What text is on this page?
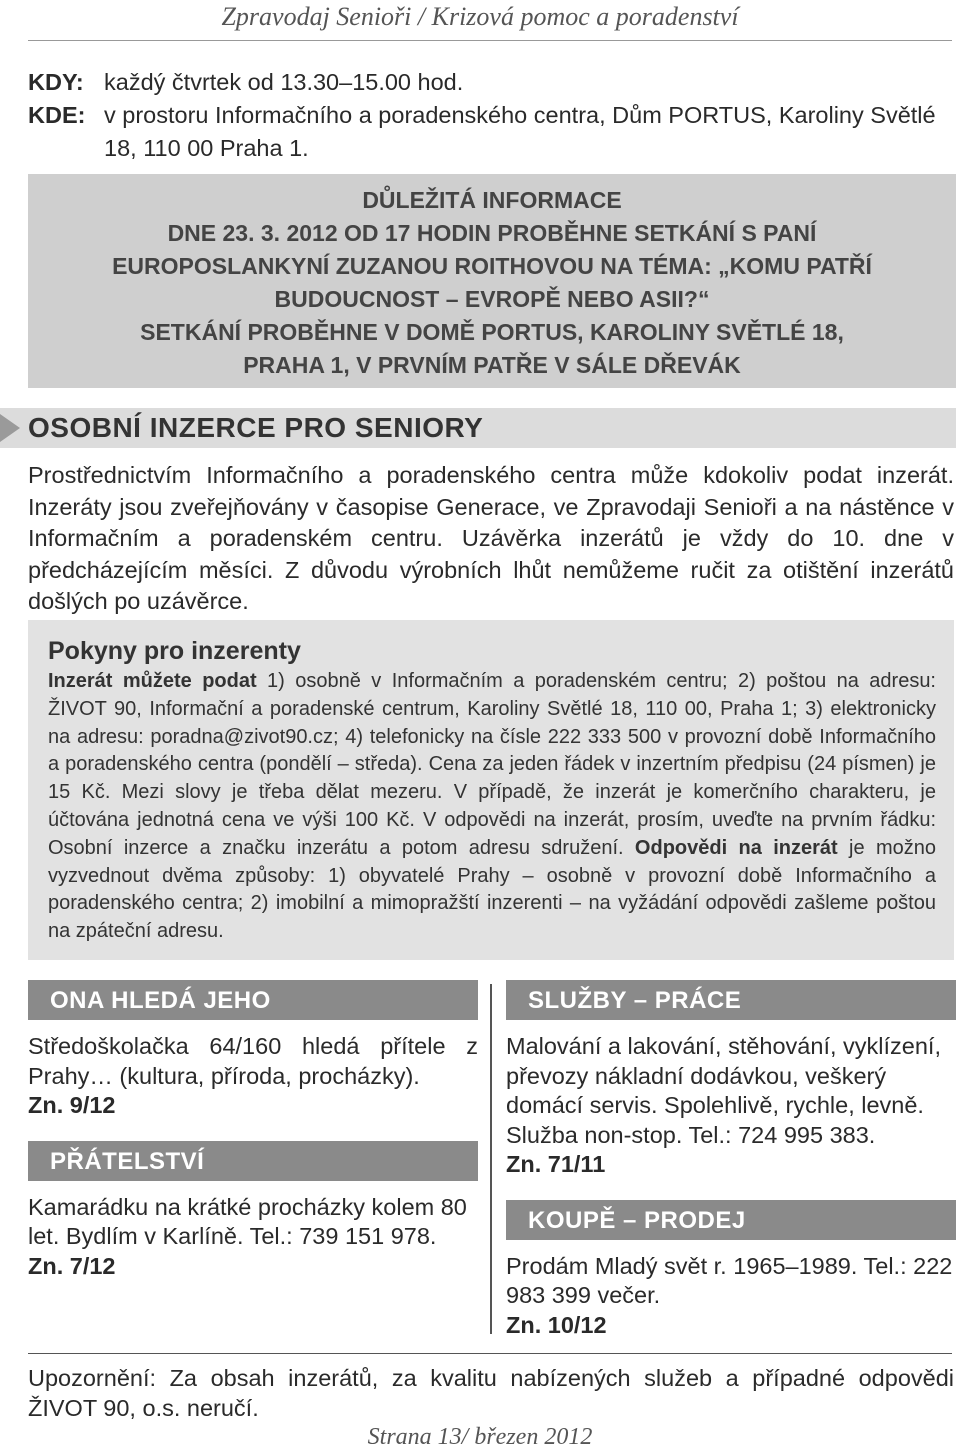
Zpravodaj Senioři / Krizová pomoc a poradenství
KDY: každý čtvrtek od 13.30–15.00 hod.
KDE: v prostoru Informačního a poradenského centra, Dům PORTUS, Karoliny Světlé 18, 110 00 Praha 1.
DŮLEŽITÁ INFORMACE
DNE 23. 3. 2012 OD 17 HODIN PROBĚHNE SETKÁNÍ S PANÍ
EUROPOSLANKYNÍ ZUZANOU ROITHOVOU NA TÉMA: „KOMU PATŘÍ
BUDOUCNOST – EVROPĚ NEBO ASII?“
SETKÁNÍ PROBĚHNE V DOMĚ PORTUS, KAROLINY SVĚTLÉ 18,
PRAHA 1, V PRVNÍM PATŘE V SÁLE DŘEVÁK
OSOBNÍ INZERCE PRO SENIORY
Prostřednictvím Informačního a poradenského centra může kdokoliv podat inzerát. Inzeráty jsou zveřejňovány v časopise Generace, ve Zpravodaji Senioři a na nástěnce v Informačním a poradenském centru. Uzávěrka inzerátů je vždy do 10. dne v předcházejícím měsíci. Z důvodu výrobních lhůt nemůžeme ručit za otištění inzerátů došlých po uzávěrce.
Pokyny pro inzerenty
Inzerát můžete podat 1) osobně v Informačním a poradenském centru; 2) poštou na adresu: ŽIVOT 90, Informační a poradenské centrum, Karoliny Světlé 18, 110 00, Praha 1; 3) elektronicky na adresu: poradna@zivot90.cz; 4) telefonicky na čísle 222 333 500 v provozní době Informačního a poradenského centra (pondělí – středa). Cena za jeden řádek v inzertním předpisu (24 písmen) je 15 Kč. Mezi slovy je třeba dělat mezeru. V případě, že inzerát je komerčního charakteru, je účtována jednotná cena ve výši 100 Kč. V odpovědi na inzerát, prosím, uveďte na prvním řádku: Osobní inzerce a značku inzerátu a potom adresu sdružení. Odpovědi na inzerát je možno vyzvednout dvěma způsoby: 1) obyvatelé Prahy – osobně v provozní době Informačního a poradenského centra; 2) imobilní a mimopražští inzerenti – na vyžádání odpovědi zašleme poštou na zpáteční adresu.
ONA HLEDÁ JEHO
Středoškolačka 64/160 hledá přítele z Prahy… (kultura, příroda, procházky).
Zn. 9/12
PŘÁTELSTVÍ
Kamarádku na krátké procházky kolem 80 let. Bydlím v Karlíně. Tel.: 739 151 978.
Zn. 7/12
SLUŽBY – PRÁCE
Malování a lakování, stěhování, vyklízení, převozy nákladní dodávkou, veškerý domácí servis. Spolehlivě, rychle, levně. Služba non-stop. Tel.: 724 995 383.
Zn. 71/11
KOUPĚ – PRODEJ
Prodám Mladý svět r. 1965–1989. Tel.: 222 983 399 večer.
Zn. 10/12
Upozornění: Za obsah inzerátů, za kvalitu nabízených služeb a případné odpovědi ŽIVOT 90, o.s. neručí.
Strana 13/ březen 2012
